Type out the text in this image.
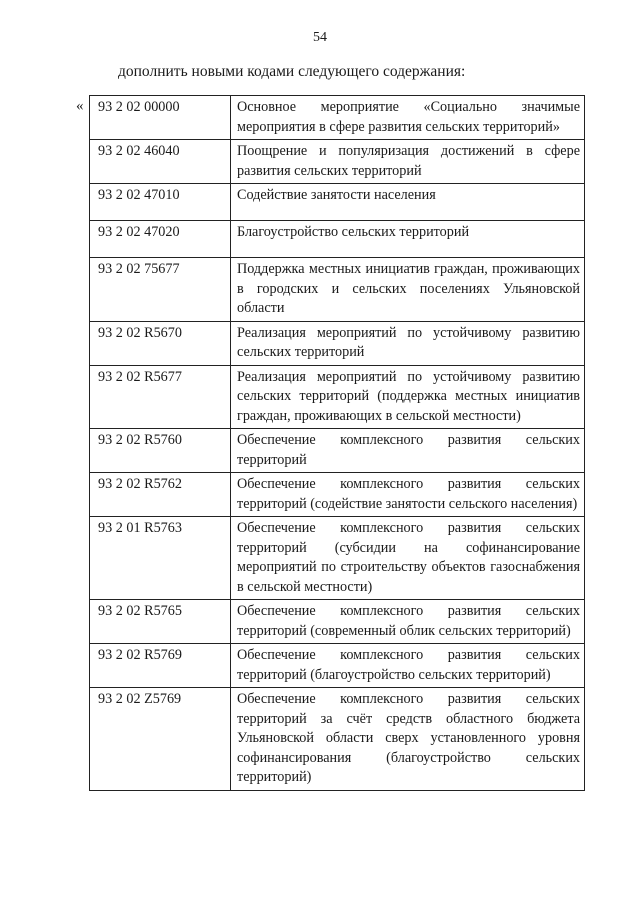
54
дополнить новыми кодами следующего содержания:
« 93 2 02 00000	Основное мероприятие «Социально значимые мероприятия в сфере развития сельских территорий»
93 2 02 46040	Поощрение и популяризация достижений в сфере развития сельских территорий
93 2 02 47010	Содействие занятости населения
93 2 02 47020	Благоустройство сельских территорий
93 2 02 75677	Поддержка местных инициатив граждан, проживающих в городских и сельских поселениях Ульяновской области
93 2 02 R5670	Реализация мероприятий по устойчивому развитию сельских территорий
93 2 02 R5677	Реализация мероприятий по устойчивому развитию сельских территорий (поддержка местных инициатив граждан, проживающих в сельской местности)
93 2 02 R5760	Обеспечение комплексного развития сельских территорий
93 2 02 R5762	Обеспечение комплексного развития сельских территорий (содействие занятости сельского населения)
93 2 01 R5763	Обеспечение комплексного развития сельских территорий (субсидии на софинансирование мероприятий по строительству объектов газоснабжения в сельской местности)
93 2 02 R5765	Обеспечение комплексного развития сельских территорий (современный облик сельских территорий)
93 2 02 R5769	Обеспечение комплексного развития сельских территорий (благоустройство сельских территорий)
93 2 02 Z5769	Обеспечение комплексного развития сельских территорий за счёт средств областного бюджета Ульяновской области сверх установленного уровня софинансирования (благоустройство сельских территорий)
